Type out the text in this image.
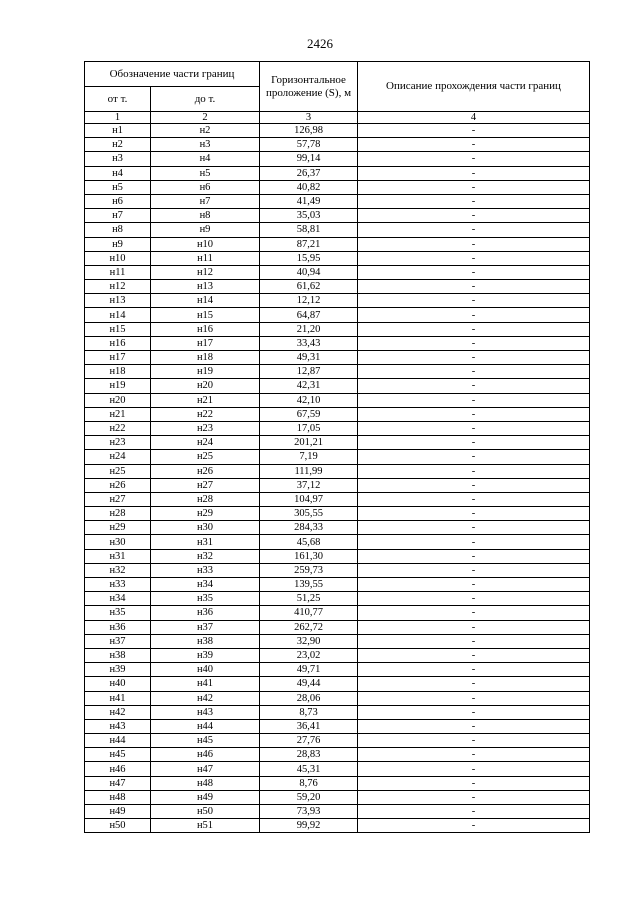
2426
Обозначение части границ		Горизонтальное проложение (S), м	Описание прохождения части границ
от т.	до т.		
1	2	3	4
н1	н2	126,98	-
н2	н3	57,78	-
н3	н4	99,14	-
н4	н5	26,37	-
н5	н6	40,82	-
н6	н7	41,49	-
н7	н8	35,03	-
н8	н9	58,81	-
н9	н10	87,21	-
н10	н11	15,95	-
н11	н12	40,94	-
н12	н13	61,62	-
н13	н14	12,12	-
н14	н15	64,87	-
н15	н16	21,20	-
н16	н17	33,43	-
н17	н18	49,31	-
н18	н19	12,87	-
н19	н20	42,31	-
н20	н21	42,10	-
н21	н22	67,59	-
н22	н23	17,05	-
н23	н24	201,21	-
н24	н25	7,19	-
н25	н26	111,99	-
н26	н27	37,12	-
н27	н28	104,97	-
н28	н29	305,55	-
н29	н30	284,33	-
н30	н31	45,68	-
н31	н32	161,30	-
н32	н33	259,73	-
н33	н34	139,55	-
н34	н35	51,25	-
н35	н36	410,77	-
н36	н37	262,72	-
н37	н38	32,90	-
н38	н39	23,02	-
н39	н40	49,71	-
н40	н41	49,44	-
н41	н42	28,06	-
н42	н43	8,73	-
н43	н44	36,41	-
н44	н45	27,76	-
н45	н46	28,83	-
н46	н47	45,31	-
н47	н48	8,76	-
н48	н49	59,20	-
н49	н50	73,93	-
н50	н51	99,92	-
